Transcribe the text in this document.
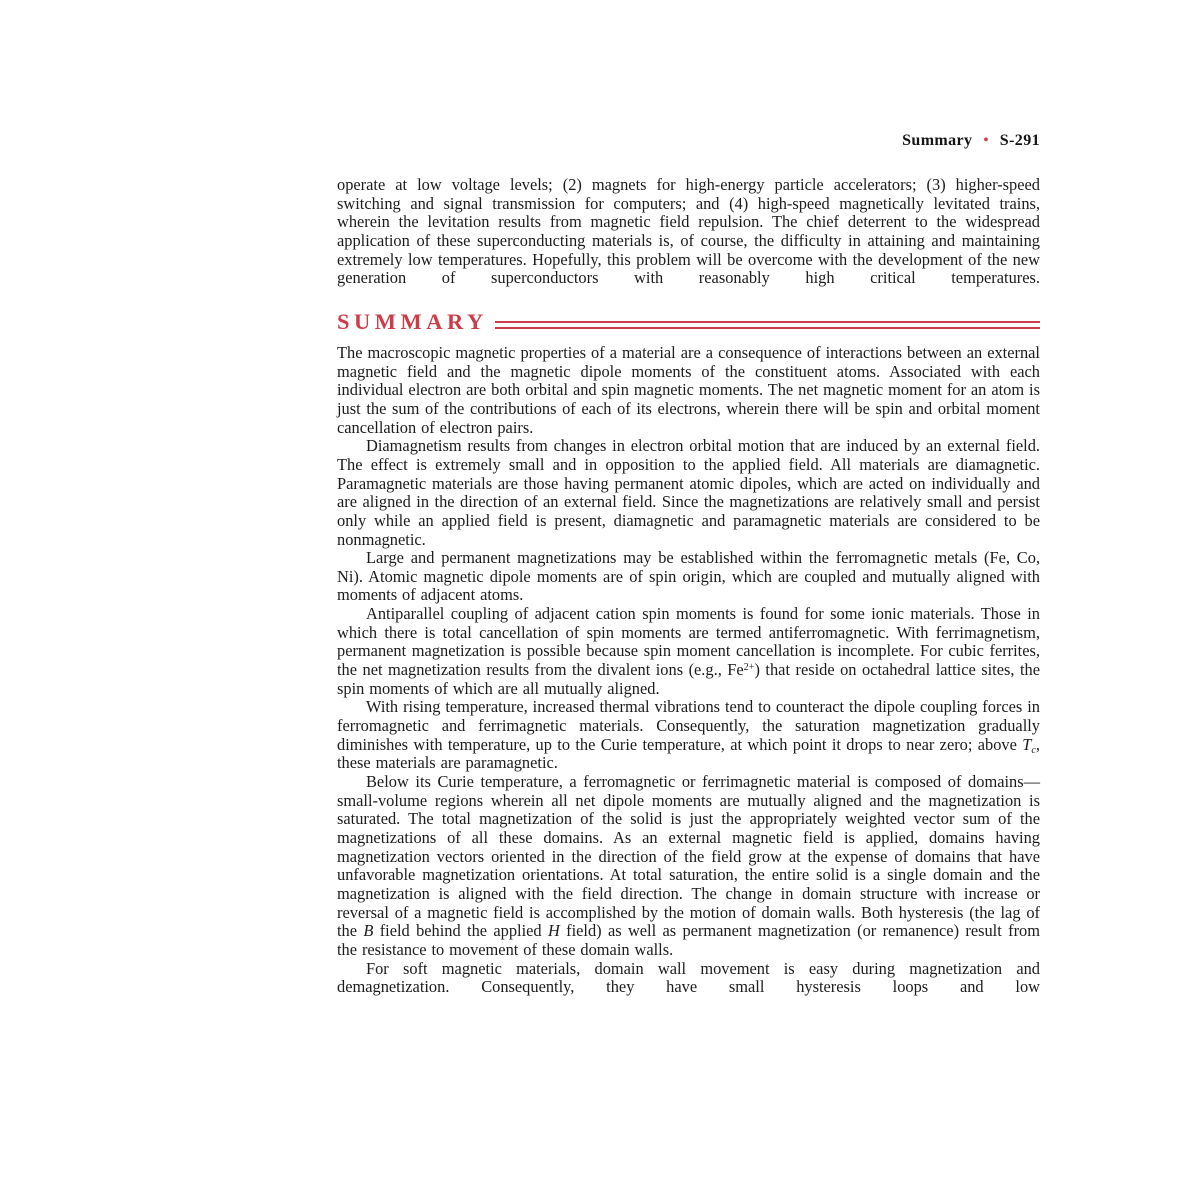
Summary • S-291

operate at low voltage levels; (2) magnets for high-energy particle accelerators; (3) higher-speed switching and signal transmission for computers; and (4) high-speed magnetically levitated trains, wherein the levitation results from magnetic field repulsion. The chief deterrent to the widespread application of these superconducting materials is, of course, the difficulty in attaining and maintaining extremely low temperatures. Hopefully, this problem will be overcome with the development of the new generation of superconductors with reasonably high critical temperatures.

SUMMARY

The macroscopic magnetic properties of a material are a consequence of interactions between an external magnetic field and the magnetic dipole moments of the constituent atoms. Associated with each individual electron are both orbital and spin magnetic moments. The net magnetic moment for an atom is just the sum of the contributions of each of its electrons, wherein there will be spin and orbital moment cancellation of electron pairs.

Diamagnetism results from changes in electron orbital motion that are induced by an external field. The effect is extremely small and in opposition to the applied field. All materials are diamagnetic. Paramagnetic materials are those having permanent atomic dipoles, which are acted on individually and are aligned in the direction of an external field. Since the magnetizations are relatively small and persist only while an applied field is present, diamagnetic and paramagnetic materials are considered to be nonmagnetic.

Large and permanent magnetizations may be established within the ferromagnetic metals (Fe, Co, Ni). Atomic magnetic dipole moments are of spin origin, which are coupled and mutually aligned with moments of adjacent atoms.

Antiparallel coupling of adjacent cation spin moments is found for some ionic materials. Those in which there is total cancellation of spin moments are termed antiferromagnetic. With ferrimagnetism, permanent magnetization is possible because spin moment cancellation is incomplete. For cubic ferrites, the net magnetization results from the divalent ions (e.g., $Fe^{2+}$) that reside on octahedral lattice sites, the spin moments of which are all mutually aligned.

With rising temperature, increased thermal vibrations tend to counteract the dipole coupling forces in ferromagnetic and ferrimagnetic materials. Consequently, the saturation magnetization gradually diminishes with temperature, up to the Curie temperature, at which point it drops to near zero; above $T_c$, these materials are paramagnetic.

Below its Curie temperature, a ferromagnetic or ferrimagnetic material is composed of domains—small-volume regions wherein all net dipole moments are mutually aligned and the magnetization is saturated. The total magnetization of the solid is just the appropriately weighted vector sum of the magnetizations of all these domains. As an external magnetic field is applied, domains having magnetization vectors oriented in the direction of the field grow at the expense of domains that have unfavorable magnetization orientations. At total saturation, the entire solid is a single domain and the magnetization is aligned with the field direction. The change in domain structure with increase or reversal of a magnetic field is accomplished by the motion of domain walls. Both hysteresis (the lag of the B field behind the applied H field) as well as permanent magnetization (or remanence) result from the resistance to movement of these domain walls.

For soft magnetic materials, domain wall movement is easy during magnetization and demagnetization. Consequently, they have small hysteresis loops and low
